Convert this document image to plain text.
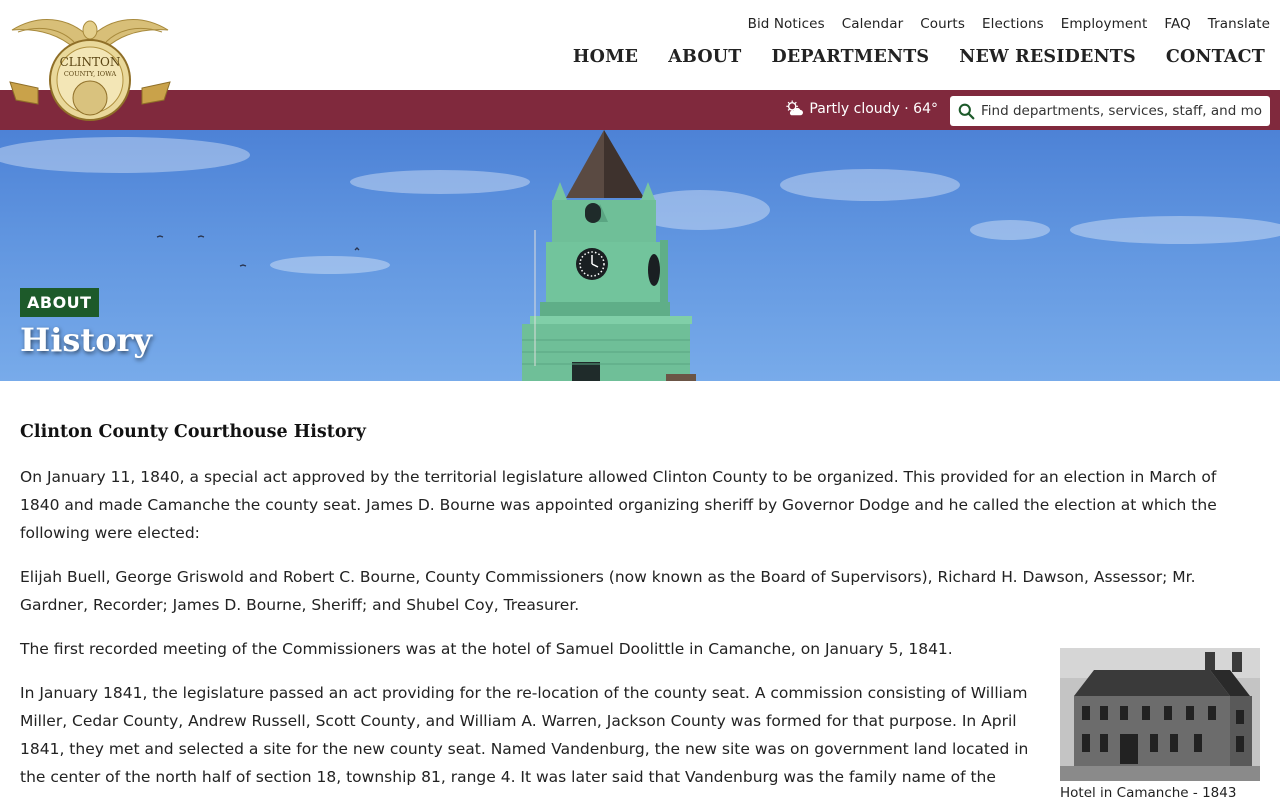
CLINTON
COUNTY, IOWA
Bid Notices Calendar Courts Elections Employment FAQ Translate
HOME ABOUT DEPARTMENTS NEW RESIDENTS CONTACT
Partly cloudy · 64°
Find departments, services, staff, and more
ABOUT
History
Clinton County Courthouse History

On January 11, 1840, a special act approved by the territorial legislature allowed Clinton County to be organized. This provided for an election in March of 1840 and made Camanche the county seat. James D. Bourne was appointed organizing sheriff by Governor Dodge and he called the election at which the following were elected:

Elijah Buell, George Griswold and Robert C. Bourne, County Commissioners (now known as the Board of Supervisors), Richard H. Dawson, Assessor; Mr. Gardner, Recorder; James D. Bourne, Sheriff; and Shubel Coy, Treasurer.

The first recorded meeting of the Commissioners was at the hotel of Samuel Doolittle in Camanche, on January 5, 1841.

In January 1841, the legislature passed an act providing for the re-location of the county seat. A commission consisting of William Miller, Cedar County, Andrew Russell, Scott County, and William A. Warren, Jackson County was formed for that purpose. In April 1841, they met and selected a site for the new county seat. Named Vandenburg, the new site was on government land located in the center of the north half of section 18, township 81, range 4. It was later said that Vandenburg was the family name of the

Hotel in Camanche - 1843
